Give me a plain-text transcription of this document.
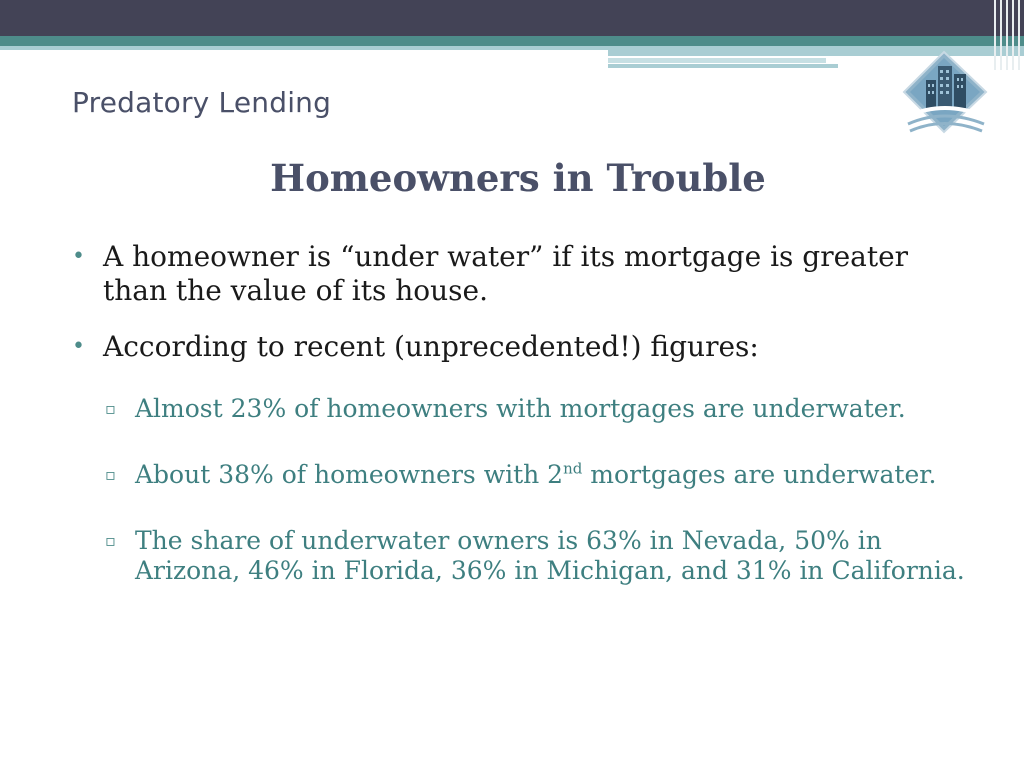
Predatory Lending
Homeowners in Trouble
• A homeowner is “under water” if its mortgage is greater than the value of its house.
• According to recent (unprecedented!) figures:
▫ Almost 23% of homeowners with mortgages are underwater.
▫ About 38% of homeowners with 2nd mortgages are underwater.
▫ The share of underwater owners is 63% in Nevada, 50% in Arizona, 46% in Florida, 36% in Michigan, and 31% in California.
